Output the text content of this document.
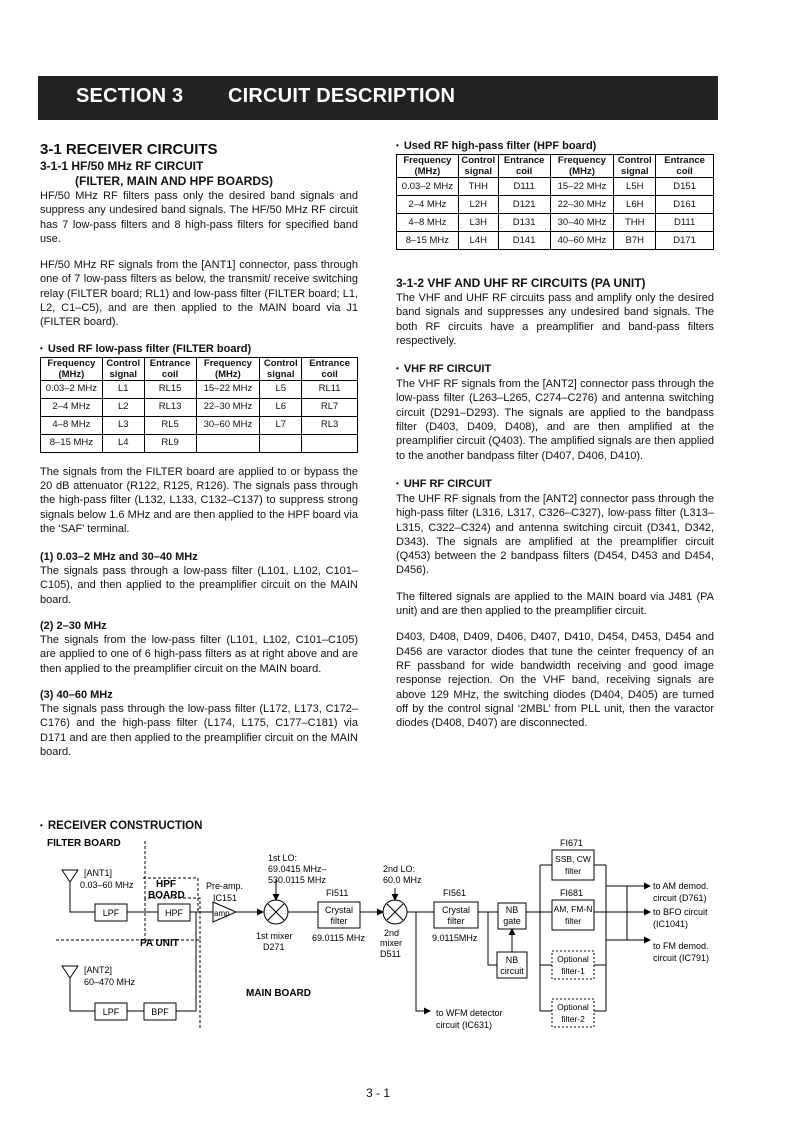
SECTION 3 CIRCUIT DESCRIPTION

3-1 RECEIVER CIRCUITS

3-1-1 HF/50 MHz RF CIRCUIT

(FILTER, MAIN AND HPF BOARDS)

HF/50 MHz RF filters pass only the desired band signals and suppress any undesired band signals. The HF/50 MHz RF circuit has 7 low-pass filters and 8 high-pass filters for specified band use.

HF/50 MHz RF signals from the [ANT1] connector, pass through one of 7 low-pass filters as below, the transmit/ receive switching relay (FILTER board; RL1) and low-pass filter (FILTER board; L1, L2, C1–C5), and are then applied to the MAIN board via J1 (FILTER board).

• Used RF low-pass filter (FILTER board)

Frequency (MHz)	Control signal	Entrance coil	Frequency (MHz)	Control signal	Entrance coil
0.03–2 MHz	L1	RL15	15–22 MHz	L5	RL11
2–4 MHz	L2	RL13	22–30 MHz	L6	RL7
4–8 MHz	L3	RL5	30–60 MHz	L7	RL3
8–15 MHz	L4	RL9			

The signals from the FILTER board are applied to or bypass the 20 dB attenuator (R122, R125, R126). The signals pass through the high-pass filter (L132, L133, C132–C137) to suppress strong signals below 1.6 MHz and are then applied to the HPF board via the ‘SAF’ terminal.

(1) 0.03–2 MHz and 30–40 MHz

The signals pass through a low-pass filter (L101, L102, C101–C105), and then applied to the preamplifier circuit on the MAIN board.

(2) 2–30 MHz

The signals from the low-pass filter (L101, L102, C101–C105) are applied to one of 6 high-pass filters as at right above and are then applied to the preamplifier circuit on the MAIN board.

(3) 40–60 MHz

The signals pass through the low-pass filter (L172, L173, C172–C176) and the high-pass filter (L174, L175, C177–C181) via D171 and are then applied to the preamplifier circuit on the MAIN board.

• Used RF high-pass filter (HPF board)

Frequency (MHz)	Control signal	Entrance coil	Frequency (MHz)	Control signal	Entrance coil
0.03–2 MHz	THH	D111	15–22 MHz	L5H	D151
2–4 MHz	L2H	D121	22–30 MHz	L6H	D161
4–8 MHz	L3H	D131	30–40 MHz	THH	D111
8–15 MHz	L4H	D141	40–60 MHz	B7H	D171

3-1-2 VHF AND UHF RF CIRCUITS (PA UNIT)

The VHF and UHF RF circuits pass and amplify only the desired band signals and suppresses any undesired band signals. The both RF circuits have a preamplifier and band-pass filters respectively.

• VHF RF CIRCUIT

The VHF RF signals from the [ANT2] connector pass through the low-pass filter (L263–L265, C274–C276) and antenna switching circuit (D291–D293). The signals are applied to the bandpass filter (D403, D409, D408), and are then amplified at the preamplifier circuit (Q403). The amplified signals are then applied to the another bandpass filter (D407, D406, D410).

• UHF RF CIRCUIT

The UHF RF signals from the [ANT2] connector pass through the high-pass filter (L316, L317, C326–C327), low-pass filter (L313–L315, C322–C324) and antenna switching circuit (D341, D342, D343). The signals are amplified at the preamplifier circuit (Q453) between the 2 bandpass filters (D454, D453 and D454, D456).

The filtered signals are applied to the MAIN board via J481 (PA unit) and are then applied to the preamplifier circuit.

D403, D408, D409, D406, D407, D410, D454, D453, D454 and D456 are varactor diodes that tune the ceinter frequency of an RF passband for wide bandwidth receiving and good image response rejection. On the VHF band, receiving signals are above 129 MHz, the switching diodes (D404, D405) are turned off by the control signal ‘2MBL’ from PLL unit, then the varactor diodes (D408, D407) are disconnected.

• RECEIVER CONSTRUCTION

FILTER BOARD
[ANT1]
0.03–60 MHz HPF
BOARD
LPF	HPF
Pre-amp.
IC151
amp
PA UNIT
[ANT2]
60–470 MHz
LPF	BPF
MAIN BOARD
1st LO:
69.0415 MHz–
530.0115 MHz
1st mixer
D271
FI511
Crystal
filter
69.0115 MHz
2nd LO:
60.0 MHz
2nd
mixer
D511
FI561
Crystal
filter
9.0115MHz
NB
gate
NB
circuit
to WFM detector
circuit (IC631)
FI671
SSB, CW
filter
FI681
AM, FM-N
filter
Optional
filter-1
Optional
filter-2
to AM demod.
circuit (D761)
to BFO circuit
(IC1041)
to FM demod.
circuit (IC791)
3 - 1
